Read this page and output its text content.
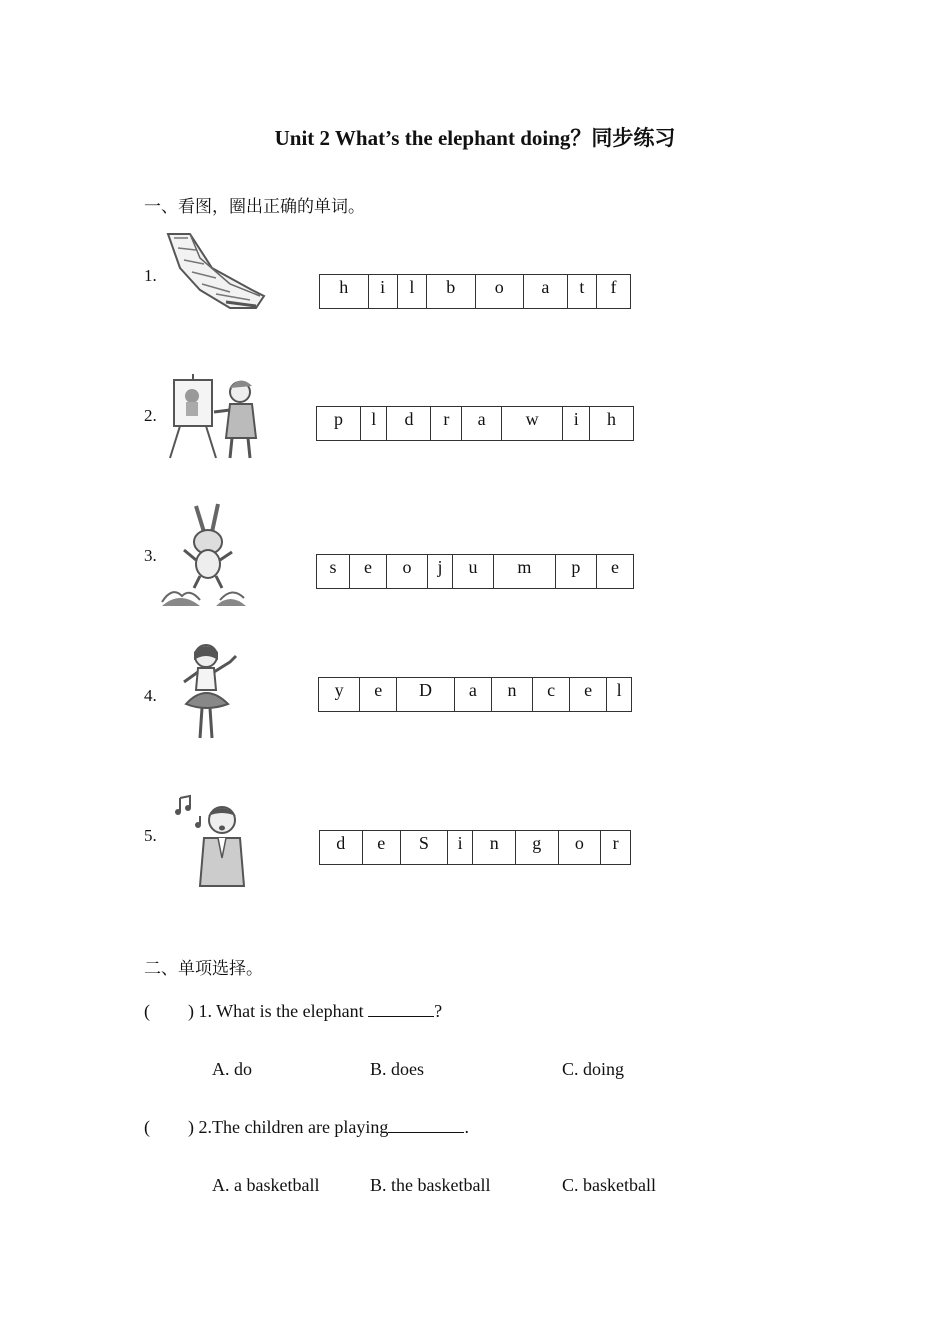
Unit 2 What’s the elephant doing？同步练习
一、看图，圈出正确的单词。
1.
h	i	l	b	o	a	t	f
2.	p	l	d	r	a	w	i	h
3.
s	e	o	j	u	m	p	e
4.	y	e	D	a	n	c	e	l
5.	d	e	S	i	n	g	o	r
二、单项选择。
( ) 1. What is the elephant	?
A. do	B. does	C. doing
( ) 2.The children are playing	.
A. a basketball	B. the basketball	C. basketball
